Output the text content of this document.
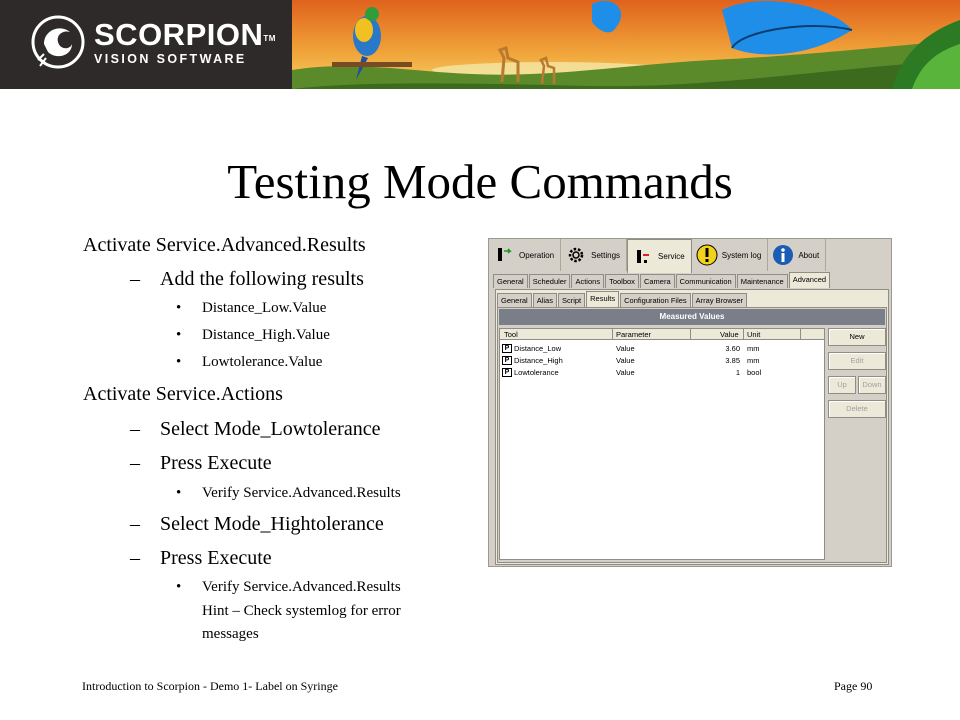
SCORPION™
VISION SOFTWARE
Testing Mode Commands
Activate Service.Advanced.Results
– Add the following results
• Distance_Low.Value
• Distance_High.Value
• Lowtolerance.Value
Activate Service.Actions
– Select Mode_Lowtolerance
– Press Execute
• Verify Service.Advanced.Results
– Select Mode_Hightolerance
– Press Execute
• Verify Service.Advanced.Results
Hint – Check systemlog for error
messages
Operation	Settings	Service	System log	About
General	Scheduler	Actions	Toolbox	Camera	Communication	Maintenance	Advanced
General	Alias	Script	Results	Configuration Files	Array Browser
Measured Values
Tool	Parameter	Value Unit
P Distance_Low	Value	3.60 mm
P Distance_High	Value	3.85 mm
P Lowtolerance	Value	1 bool
New
Edit
Up	Down
Delete
Introduction to Scorpion - Demo 1- Label on Syringe	Page 90
